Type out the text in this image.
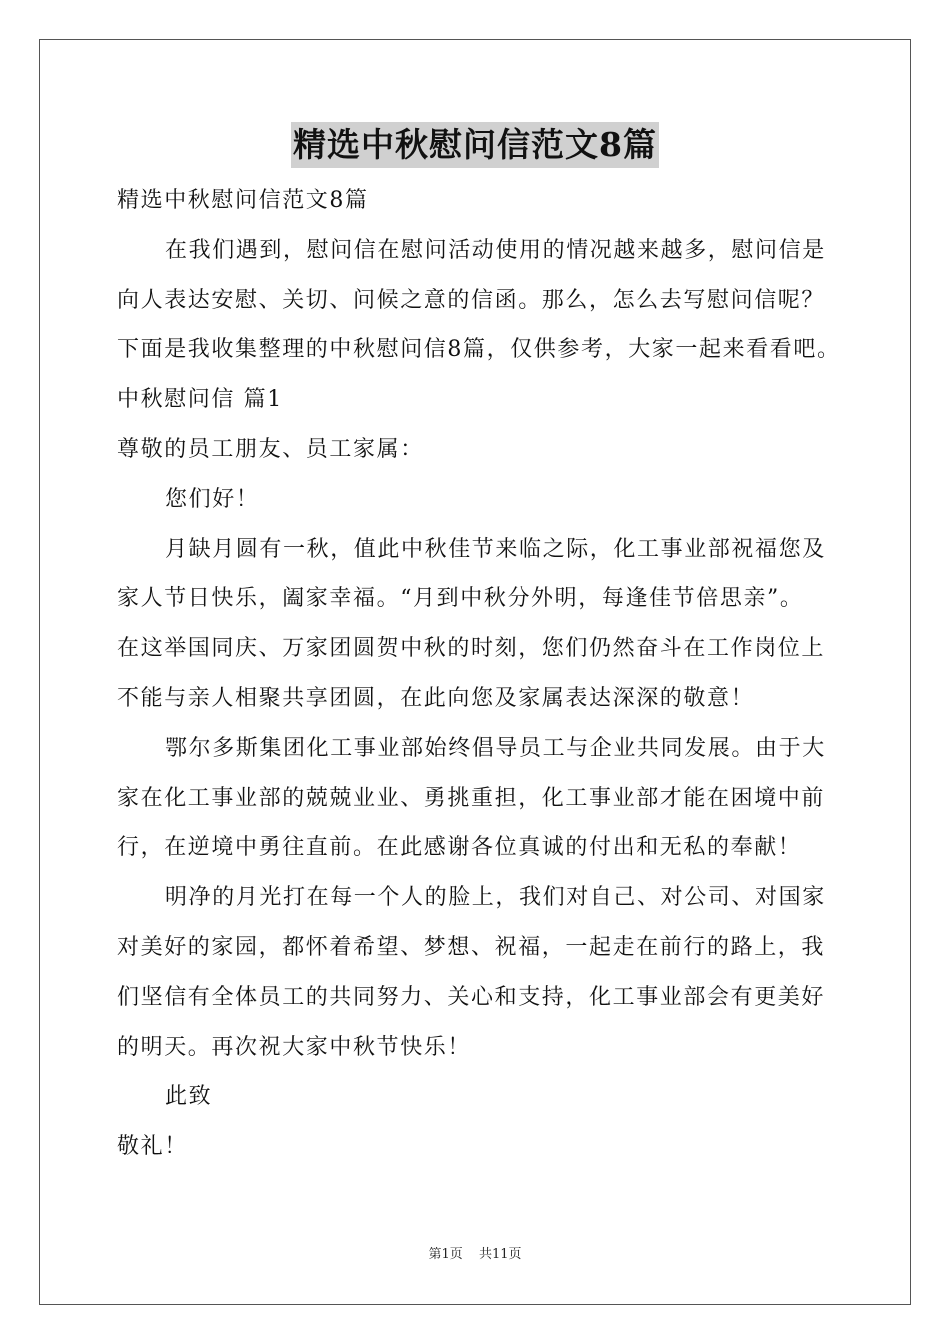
精选中秋慰问信范文8篇
精选中秋慰问信范文8篇
在我们遇到，慰问信在慰问活动使用的情况越来越多，慰问信是
向人表达安慰、关切、问候之意的信函。那么，怎么去写慰问信呢？
下面是我收集整理的中秋慰问信8篇，仅供参考，大家一起来看看吧。
中秋慰问信 篇1
尊敬的员工朋友、员工家属：
您们好！
月缺月圆有一秋，值此中秋佳节来临之际，化工事业部祝福您及
家人节日快乐，阖家幸福。“月到中秋分外明，每逢佳节倍思亲”。
在这举国同庆、万家团圆贺中秋的时刻，您们仍然奋斗在工作岗位上
不能与亲人相聚共享团圆，在此向您及家属表达深深的敬意！
鄂尔多斯集团化工事业部始终倡导员工与企业共同发展。由于大
家在化工事业部的兢兢业业、勇挑重担，化工事业部才能在困境中前
行，在逆境中勇往直前。在此感谢各位真诚的付出和无私的奉献！
明净的月光打在每一个人的脸上，我们对自己、对公司、对国家
对美好的家园，都怀着希望、梦想、祝福，一起走在前行的路上，我
们坚信有全体员工的共同努力、关心和支持，化工事业部会有更美好
的明天。再次祝大家中秋节快乐！
此致
敬礼！
第1页 共11页
